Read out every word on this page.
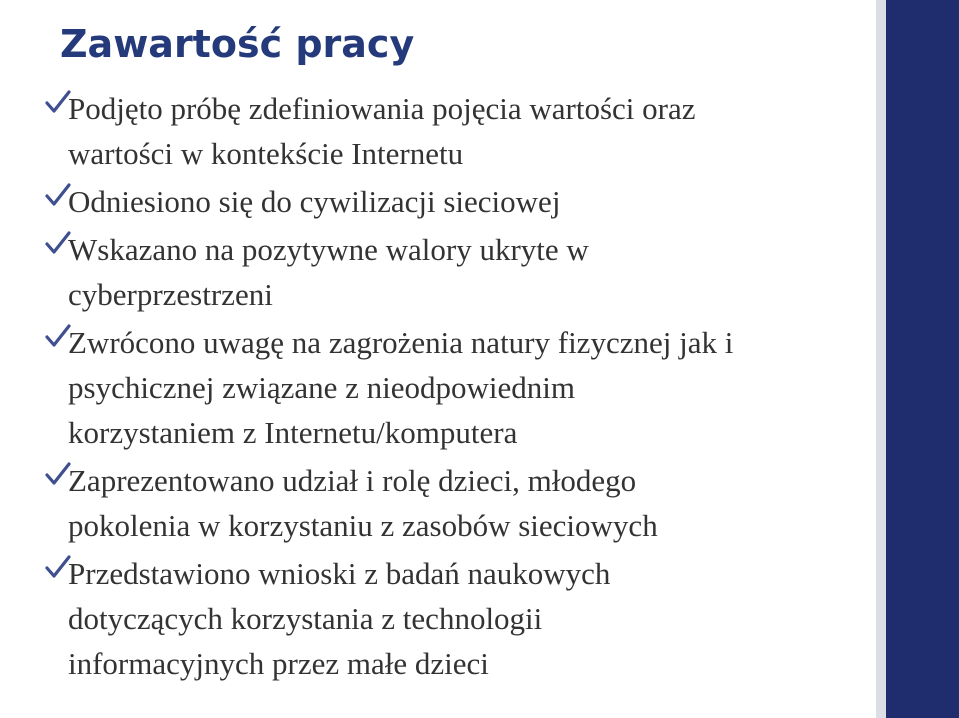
Zawartość pracy
Podjęto próbę zdefiniowania pojęcia wartości oraz
wartości w kontekście Internetu
Odniesiono się do cywilizacji sieciowej
Wskazano na pozytywne walory ukryte w
cyberprzestrzeni
Zwrócono uwagę na zagrożenia natury fizycznej jak i
psychicznej związane z nieodpowiednim
korzystaniem z Internetu/komputera
Zaprezentowano udział i rolę dzieci, młodego
pokolenia w korzystaniu z zasobów sieciowych
Przedstawiono wnioski z badań naukowych
dotyczących korzystania z technologii
informacyjnych przez małe dzieci
